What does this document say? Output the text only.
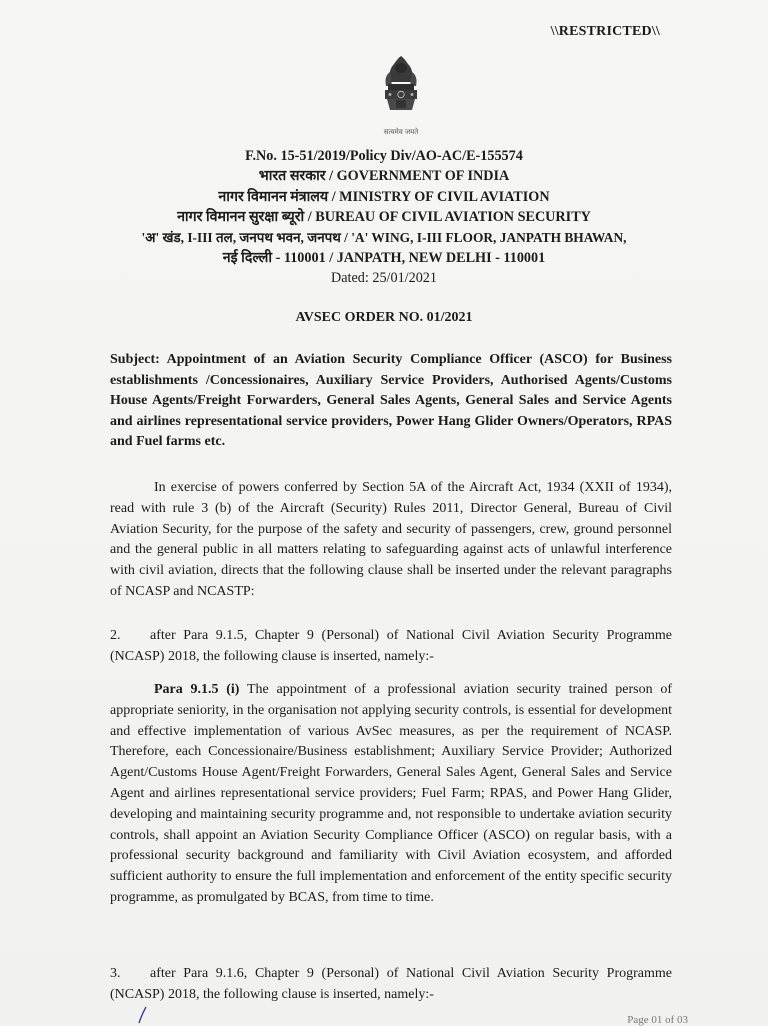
\\RESTRICTED\\
सत्यमेव जयते
F.No. 15-51/2019/Policy Div/AO-AC/E-155574
भारत सरकार / GOVERNMENT OF INDIA
नागर विमानन मंत्रालय / MINISTRY OF CIVIL AVIATION
नागर विमानन सुरक्षा ब्यूरो / BUREAU OF CIVIL AVIATION SECURITY
'अ' खंड, I-III तल, जनपथ भवन, जनपथ / 'A' WING, I-III FLOOR, JANPATH BHAWAN,
नई दिल्ली - 110001 / JANPATH, NEW DELHI - 110001
Dated: 25/01/2021
AVSEC ORDER NO. 01/2021
Subject: Appointment of an Aviation Security Compliance Officer (ASCO) for Business establishments /Concessionaires, Auxiliary Service Providers, Authorised Agents/Customs House Agents/Freight Forwarders, General Sales Agents, General Sales and Service Agents and airlines representational service providers, Power Hang Glider Owners/Operators, RPAS and Fuel farms etc.
In exercise of powers conferred by Section 5A of the Aircraft Act, 1934 (XXII of 1934), read with rule 3 (b) of the Aircraft (Security) Rules 2011, Director General, Bureau of Civil Aviation Security, for the purpose of the safety and security of passengers, crew, ground personnel and the general public in all matters relating to safeguarding against acts of unlawful interference with civil aviation, directs that the following clause shall be inserted under the relevant paragraphs of NCASP and NCASTP:
2. after Para 9.1.5, Chapter 9 (Personal) of National Civil Aviation Security Programme (NCASP) 2018, the following clause is inserted, namely:-
Para 9.1.5 (i) The appointment of a professional aviation security trained person of appropriate seniority, in the organisation not applying security controls, is essential for development and effective implementation of various AvSec measures, as per the requirement of NCASP. Therefore, each Concessionaire/Business establishment; Auxiliary Service Provider; Authorized Agent/Customs House Agent/Freight Forwarders, General Sales Agent, General Sales and Service Agent and airlines representational service providers; Fuel Farm; RPAS, and Power Hang Glider, developing and maintaining security programme and, not responsible to undertake aviation security controls, shall appoint an Aviation Security Compliance Officer (ASCO) on regular basis, with a professional security background and familiarity with Civil Aviation ecosystem, and afforded sufficient authority to ensure the full implementation and enforcement of the entity specific security programme, as promulgated by BCAS, from time to time.
3. after Para 9.1.6, Chapter 9 (Personal) of National Civil Aviation Security Programme (NCASP) 2018, the following clause is inserted, namely:-
Page 01 of 03
